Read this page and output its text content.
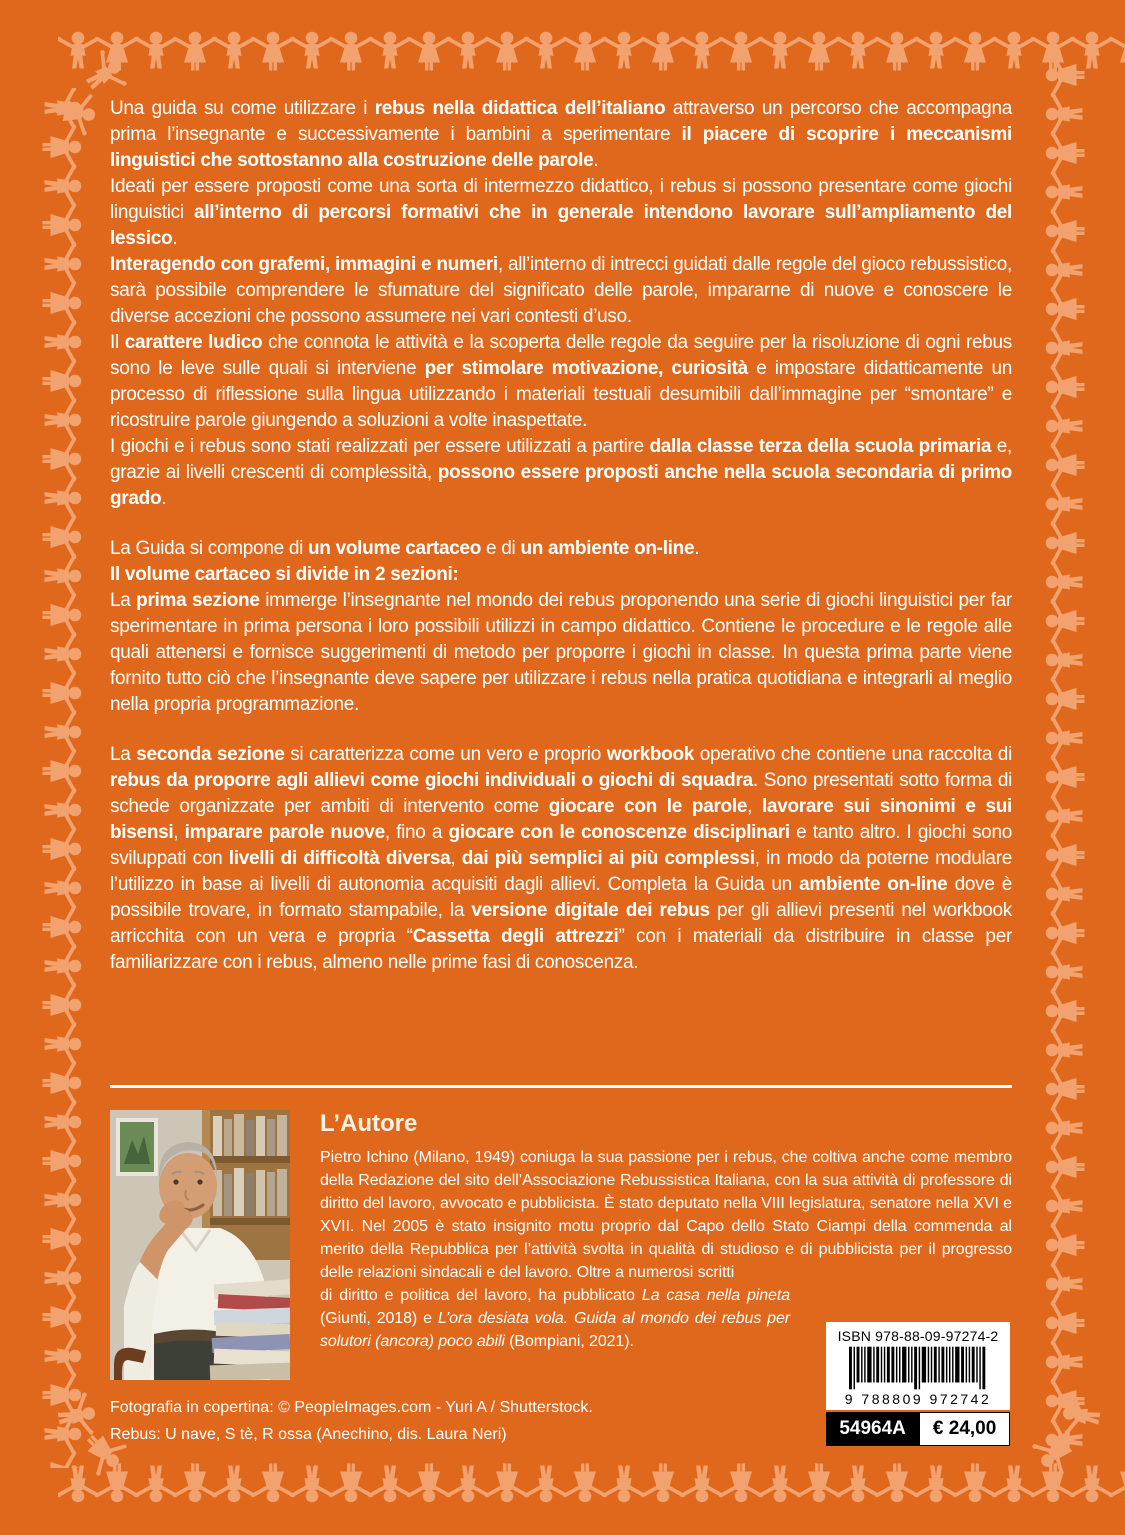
Una guida su come utilizzare i rebus nella didattica dell’italiano attraverso un percorso che accompagna prima l’insegnante e successivamente i bambini a sperimentare il piacere di scoprire i meccanismi linguistici che sottostanno alla costruzione delle parole.

Ideati per essere proposti come una sorta di intermezzo didattico, i rebus si possono presentare come giochi linguistici all’interno di percorsi formativi che in generale intendono lavorare sull’ampliamento del lessico.

Interagendo con grafemi, immagini e numeri, all’interno di intrecci guidati dalle regole del gioco rebussistico, sarà possibile comprendere le sfumature del significato delle parole, impararne di nuove e conoscere le diverse accezioni che possono assumere nei vari contesti d’uso.

Il carattere ludico che connota le attività e la scoperta delle regole da seguire per la risoluzione di ogni rebus sono le leve sulle quali si interviene per stimolare motivazione, curiosità e impostare didatticamente un processo di riflessione sulla lingua utilizzando i materiali testuali desumibili dall’immagine per “smontare” e ricostruire parole giungendo a soluzioni a volte inaspettate.

I giochi e i rebus sono stati realizzati per essere utilizzati a partire dalla classe terza della scuola primaria e, grazie ai livelli crescenti di complessità, possono essere proposti anche nella scuola secondaria di primo grado.

La Guida si compone di un volume cartaceo e di un ambiente on-line.

Il volume cartaceo si divide in 2 sezioni:

La prima sezione immerge l’insegnante nel mondo dei rebus proponendo una serie di giochi linguistici per far sperimentare in prima persona i loro possibili utilizzi in campo didattico. Contiene le procedure e le regole alle quali attenersi e fornisce suggerimenti di metodo per proporre i giochi in classe. In questa prima parte viene fornito tutto ciò che l’insegnante deve sapere per utilizzare i rebus nella pratica quotidiana e integrarli al meglio nella propria programmazione.

La seconda sezione si caratterizza come un vero e proprio workbook operativo che contiene una raccolta di rebus da proporre agli allievi come giochi individuali o giochi di squadra. Sono presentati sotto forma di schede organizzate per ambiti di intervento come giocare con le parole, lavorare sui sinonimi e sui bisensi, imparare parole nuove, fino a giocare con le conoscenze disciplinari e tanto altro. I giochi sono sviluppati con livelli di difficoltà diversa, dai più semplici ai più complessi, in modo da poterne modulare l’utilizzo in base ai livelli di autonomia acquisiti dagli allievi. Completa la Guida un ambiente on-line dove è possibile trovare, in formato stampabile, la versione digitale dei rebus per gli allievi presenti nel workbook arricchita con un vera e propria “Cassetta degli attrezzi” con i materiali da distribuire in classe per familiarizzare con i rebus, almeno nelle prime fasi di conoscenza.

L’Autore
Pietro Ichino (Milano, 1949) coniuga la sua passione per i rebus, che coltiva anche come membro della Redazione del sito dell’Associazione Rebussistica Italiana, con la sua attività di professore di diritto del lavoro, avvocato e pubblicista. È stato deputato nella VIII legislatura, senatore nella XVI e XVII. Nel 2005 è stato insignito motu proprio dal Capo dello Stato Ciampi della commenda al merito della Repubblica per l’attività svolta in qualità di studioso e di pubblicista per il progresso delle relazioni sindacali e del lavoro. Oltre a numerosi scritti
di diritto e politica del lavoro, ha pubblicato La casa nella pineta (Giunti, 2018) e L’ora desiata vola. Guida al mondo dei rebus per solutori (ancora) poco abili (Bompiani, 2021).
Fotografia in copertina: © PeopleImages.com - Yuri A / Shutterstock.
Rebus: U nave, S tè, R ossa (Anechino, dis. Laura Neri)
ISBN 978-88-09-97274-2
9 788809 972742
54964A	€ 24,00
